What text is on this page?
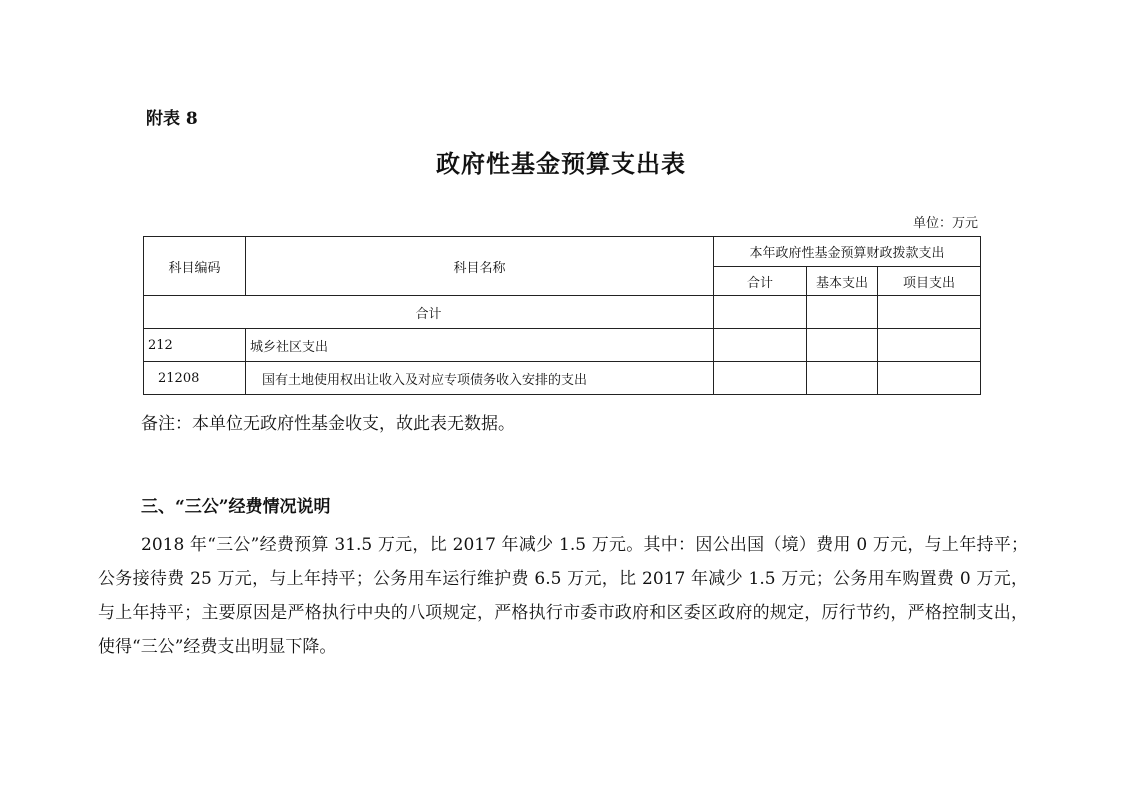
附表 8

政府性基金预算支出表
单位：万元
科目编码	科目名称	本年政府性基金预算财政拨款支出		
		合计	基本支出	项目支出
合计				
212	城乡社区支出			
21208	国有土地使用权出让收入及对应专项债务收入安排的支出			

备注：本单位无政府性基金收支，故此表无数据。

三、“三公”经费情况说明

2018 年“三公”经费预算 31.5 万元，比 2017 年减少 1.5 万元。其中：因公出国（境）费用 0 万元，与上年持平；公务接待费 25 万元，与上年持平；公务用车运行维护费 6.5 万元，比 2017 年减少 1.5 万元；公务用车购置费 0 万元，与上年持平；主要原因是严格执行中央的八项规定，严格执行市委市政府和区委区政府的规定，厉行节约，严格控制支出，使得“三公”经费支出明显下降。
